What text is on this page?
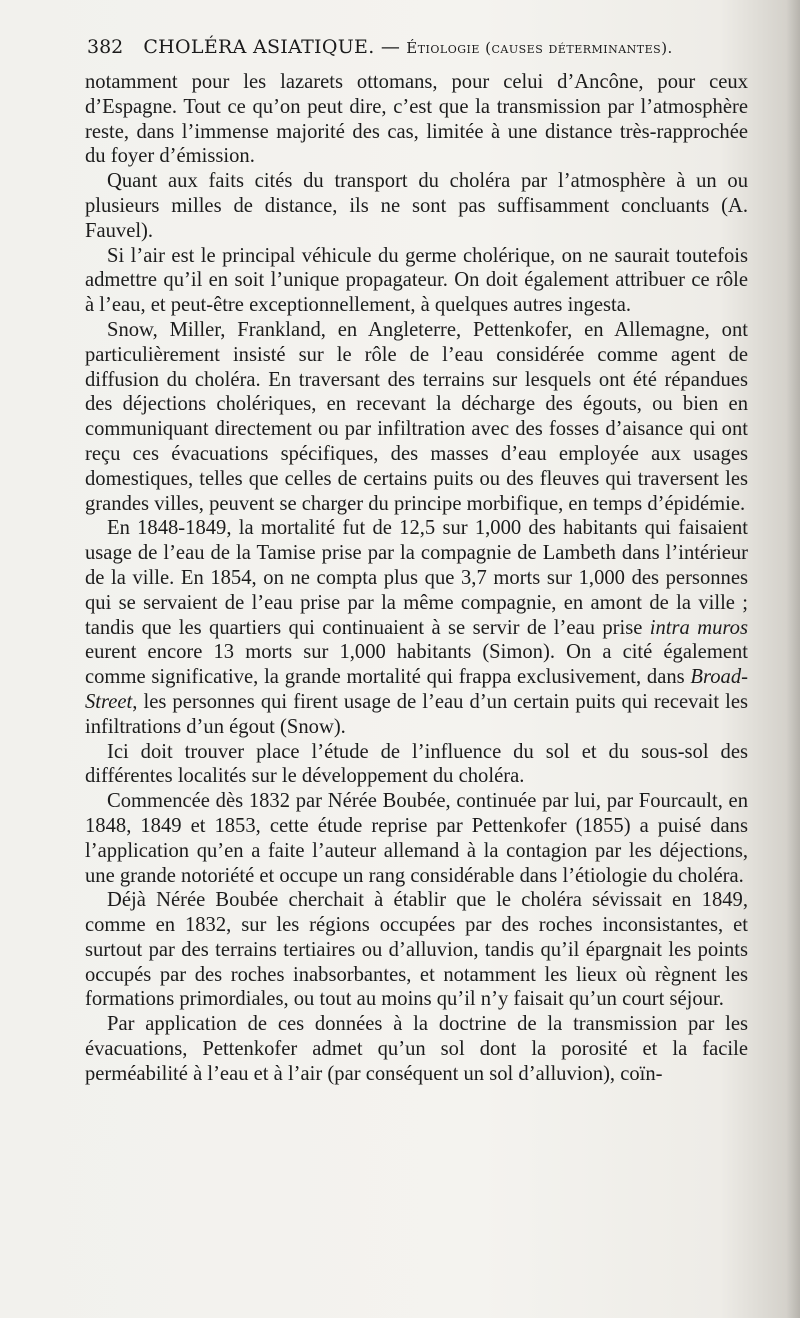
382 CHOLÉRA ASIATIQUE. — Étiologie (causes déterminantes).

notamment pour les lazarets ottomans, pour celui d’Ancône, pour ceux d’Espagne. Tout ce qu’on peut dire, c’est que la transmission par l’atmosphère reste, dans l’immense majorité des cas, limitée à une distance très-rapprochée du foyer d’émission.

Quant aux faits cités du transport du choléra par l’atmosphère à un ou plusieurs milles de distance, ils ne sont pas suffisamment concluants (A. Fauvel).

Si l’air est le principal véhicule du germe cholérique, on ne saurait toutefois admettre qu’il en soit l’unique propagateur. On doit également attribuer ce rôle à l’eau, et peut-être exceptionnellement, à quelques autres ingesta.

Snow, Miller, Frankland, en Angleterre, Pettenkofer, en Allemagne, ont particulièrement insisté sur le rôle de l’eau considérée comme agent de diffusion du choléra. En traversant des terrains sur lesquels ont été répandues des déjections cholériques, en recevant la décharge des égouts, ou bien en communiquant directement ou par infiltration avec des fosses d’aisance qui ont reçu ces évacuations spécifiques, des masses d’eau employée aux usages domestiques, telles que celles de certains puits ou des fleuves qui traversent les grandes villes, peuvent se charger du principe morbifique, en temps d’épidémie.

En 1848-1849, la mortalité fut de 12,5 sur 1,000 des habitants qui faisaient usage de l’eau de la Tamise prise par la compagnie de Lambeth dans l’intérieur de la ville. En 1854, on ne compta plus que 3,7 morts sur 1,000 des personnes qui se servaient de l’eau prise par la même compagnie, en amont de la ville ; tandis que les quartiers qui continuaient à se servir de l’eau prise intra muros eurent encore 13 morts sur 1,000 habitants (Simon). On a cité également comme significative, la grande mortalité qui frappa exclusivement, dans Broad-Street, les personnes qui firent usage de l’eau d’un certain puits qui recevait les infiltrations d’un égout (Snow).

Ici doit trouver place l’étude de l’influence du sol et du sous-sol des différentes localités sur le développement du choléra.

Commencée dès 1832 par Nérée Boubée, continuée par lui, par Fourcault, en 1848, 1849 et 1853, cette étude reprise par Pettenkofer (1855) a puisé dans l’application qu’en a faite l’auteur allemand à la contagion par les déjections, une grande notoriété et occupe un rang considérable dans l’étiologie du choléra.

Déjà Nérée Boubée cherchait à établir que le choléra sévissait en 1849, comme en 1832, sur les régions occupées par des roches inconsistantes, et surtout par des terrains tertiaires ou d’alluvion, tandis qu’il épargnait les points occupés par des roches inabsorbantes, et notamment les lieux où règnent les formations primordiales, ou tout au moins qu’il n’y faisait qu’un court séjour.

Par application de ces données à la doctrine de la transmission par les évacuations, Pettenkofer admet qu’un sol dont la porosité et la facile perméabilité à l’eau et à l’air (par conséquent un sol d’alluvion), coïn-
